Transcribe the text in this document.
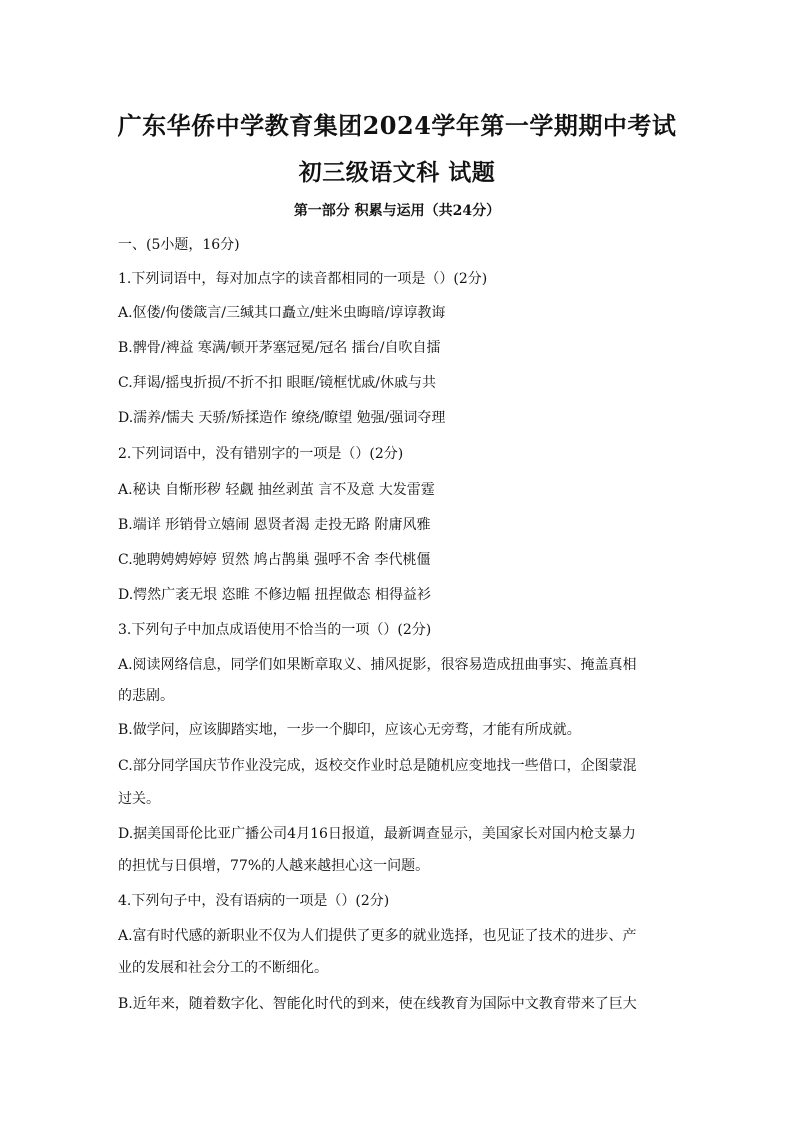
广东华侨中学教育集团2024学年第一学期期中考试
初三级语文科 试题
第一部分 积累与运用（共24分）
一、(5小题，16分)
1.下列词语中，每对加点字的读音都相同的一项是（）(2分)
A.伛偻/佝偻箴言/三缄其口矗立/蛀米虫晦暗/谆谆教诲
B.髀骨/裨益 寒满/顿开茅塞冠冕/冠名 擂台/自吹自擂
C.拜谒/摇曳折损/不折不扣 眼眶/镜框忧戚/休戚与共
D.濡养/懦夫 天骄/矫揉造作 缭绕/瞭望 勉强/强词夺理
2.下列词语中，没有错别字的一项是（）(2分)
A.秘诀 自惭形秽 轻觑 抽丝剥茧 言不及意 大发雷霆
B.端详 形销骨立嬉闹 恩贤者渴 走投无路 附庸风雅
C.驰聘娉娉婷婷 贸然 鸠占鹊巢 强呼不舍 李代桃僵
D.愕然广袤无垠 恣睢 不修边幅 扭捏做态 相得益衫
3.下列句子中加点成语使用不恰当的一项（）(2分)
A.阅读网络信息，同学们如果断章取义、捕风捉影，很容易造成扭曲事实、掩盖真相
的悲剧。
B.做学问，应该脚踏实地，一步一个脚印，应该心无旁骛，才能有所成就。
C.部分同学国庆节作业没完成，返校交作业时总是随机应变地找一些借口，企图蒙混
过关。
D.据美国哥伦比亚广播公司4月16日报道，最新调查显示，美国家长对国内枪支暴力
的担忧与日俱增，77%的人越来越担心这一问题。
4.下列句子中，没有语病的一项是（）(2分)
A.富有时代感的新职业不仅为人们提供了更多的就业选择，也见证了技术的进步、产
业的发展和社会分工的不断细化。
B.近年来，随着数字化、智能化时代的到来，使在线教育为国际中文教育带来了巨大
